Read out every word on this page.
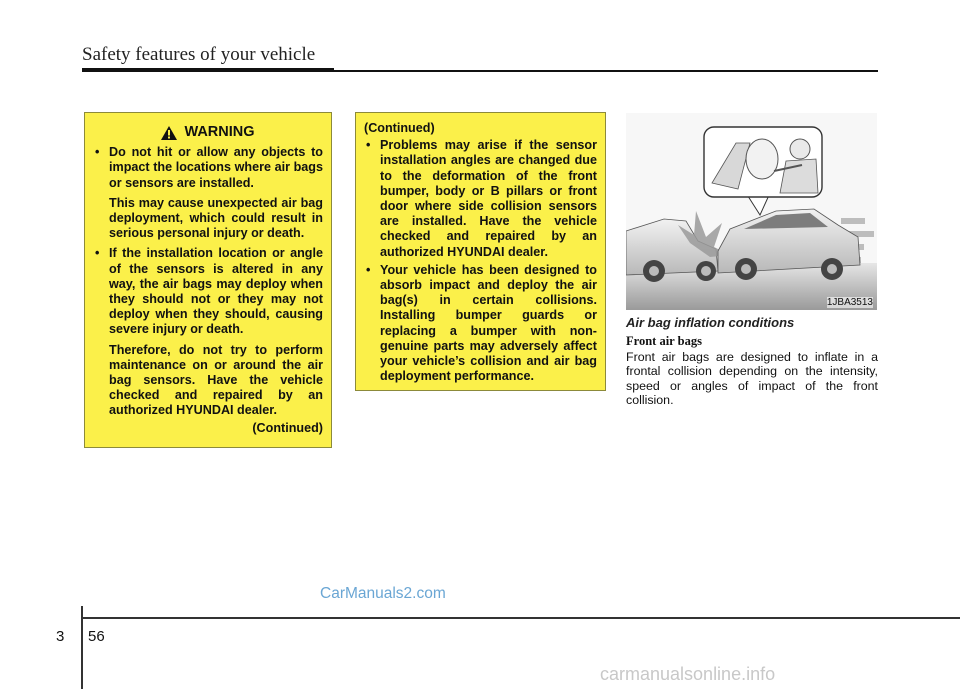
Safety features of your vehicle
WARNING

• Do not hit or allow any objects to impact the locations where air bags or sensors are installed.

This may cause unexpected air bag deployment, which could result in serious personal injury or death.

• If the installation location or angle of the sensors is altered in any way, the air bags may deploy when they should not or they may not deploy when they should, causing severe injury or death.

Therefore, do not try to perform maintenance on or around the air bag sensors. Have the vehicle checked and repaired by an authorized HYUNDAI dealer.

(Continued)
(Continued)
• Problems may arise if the sensor installation angles are changed due to the deformation of the front bumper, body or B pillars or front door where side collision sensors are installed. Have the vehicle checked and repaired by an authorized HYUNDAI dealer.
• Your vehicle has been designed to absorb impact and deploy the air bag(s) in certain collisions. Installing bumper guards or replacing a bumper with non-genuine parts may adversely affect your vehicle’s collision and air bag deployment performance.
1JBA3513
Air bag inflation conditions
Front air bags
Front air bags are designed to inflate in a frontal collision depending on the intensity, speed or angles of impact of the front collision.
CarManuals2.com
3 56
carmanualsonline.info
